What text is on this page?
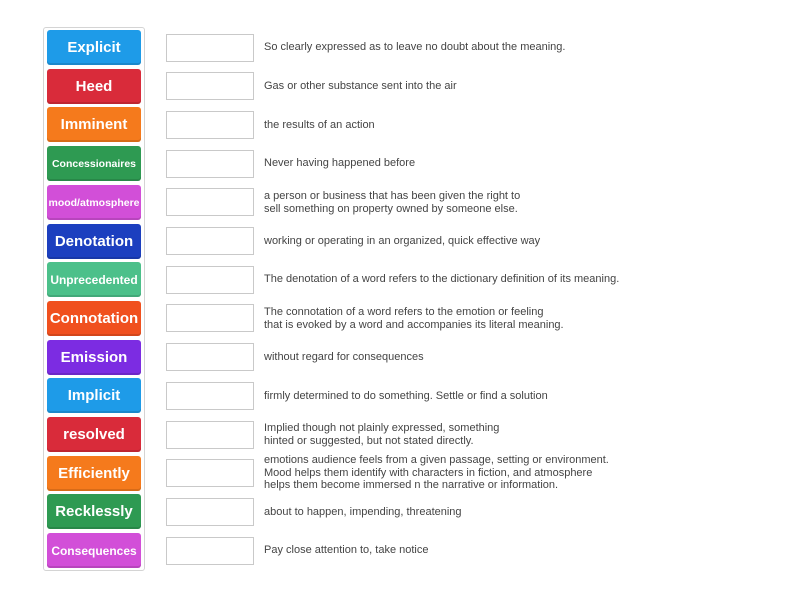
Explicit
Heed
Imminent
Concessionaires
mood/atmosphere
Denotation
Unprecedented
Connotation
Emission
Implicit
resolved
Efficiently
Recklessly
Consequences
So clearly expressed as to leave no doubt about the meaning.
Gas or other substance sent into the air
the results of an action
Never having happened before
a person or business that has been given the right to
sell something on property owned by someone else.
working or operating in an organized, quick effective way
The denotation of a word refers to the dictionary definition of its meaning.
The connotation of a word refers to the emotion or feeling
that is evoked by a word and accompanies its literal meaning.
without regard for consequences
firmly determined to do something. Settle or find a solution
Implied though not plainly expressed, something
hinted or suggested, but not stated directly.
emotions audience feels from a given passage, setting or environment.
Mood helps them identify with characters in fiction, and atmosphere
helps them become immersed n the narrative or information.
about to happen, impending, threatening
Pay close attention to, take notice
